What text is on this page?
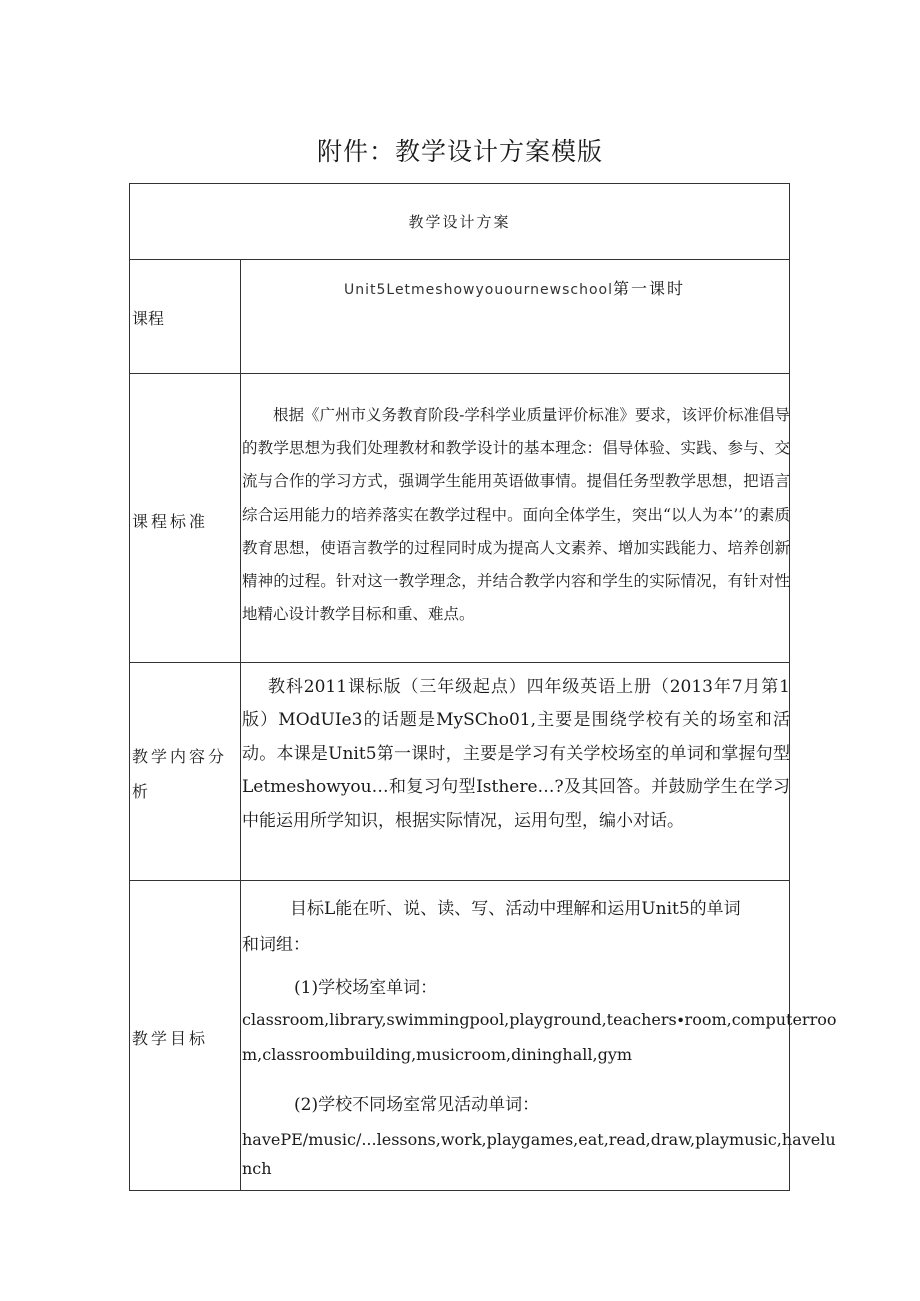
附件：教学设计方案模版
教学设计方案
课程
Unit5Letmeshowyouournewschool第一课时
课程标准

根据《广州市义务教育阶段-学科学业质量评价标准》要求，该评价标准倡导的教学思想为我们处理教材和教学设计的基本理念：倡导体验、实践、参与、交流与合作的学习方式，强调学生能用英语做事情。提倡任务型教学思想，把语言综合运用能力的培养落实在教学过程中。面向全体学生，突出“以人为本’’的素质教育思想，使语言教学的过程同时成为提高人文素养、增加实践能力、培养创新精神的过程。针对这一教学理念，并结合教学内容和学生的实际情况，有针对性地精心设计教学目标和重、难点。

教学内容分
析

教科2011课标版（三年级起点）四年级英语上册（2013年7月第1版）MOdUIe3的话题是MySCho01,主要是围绕学校有关的场室和活动。本课是Unit5第一课时，主要是学习有关学校场室的单词和掌握句型Letmeshowyou…和复习句型Isthere…?及其回答。并鼓励学生在学习中能运用所学知识，根据实际情况，运用句型，编小对话。

教学目标
目标L能在听、说、读、写、活动中理解和运用Unit5的单词
和词组：
(1)学校场室单词：
classroom,library,swimmingpool,playground,teachers∙room,computerroo
m,classroombuilding,musicroom,dininghall,gym
(2)学校不同场室常见活动单词：
havePE∕music∕...lessons,work,playgames,eat,read,draw,playmusic,havelu
nch
